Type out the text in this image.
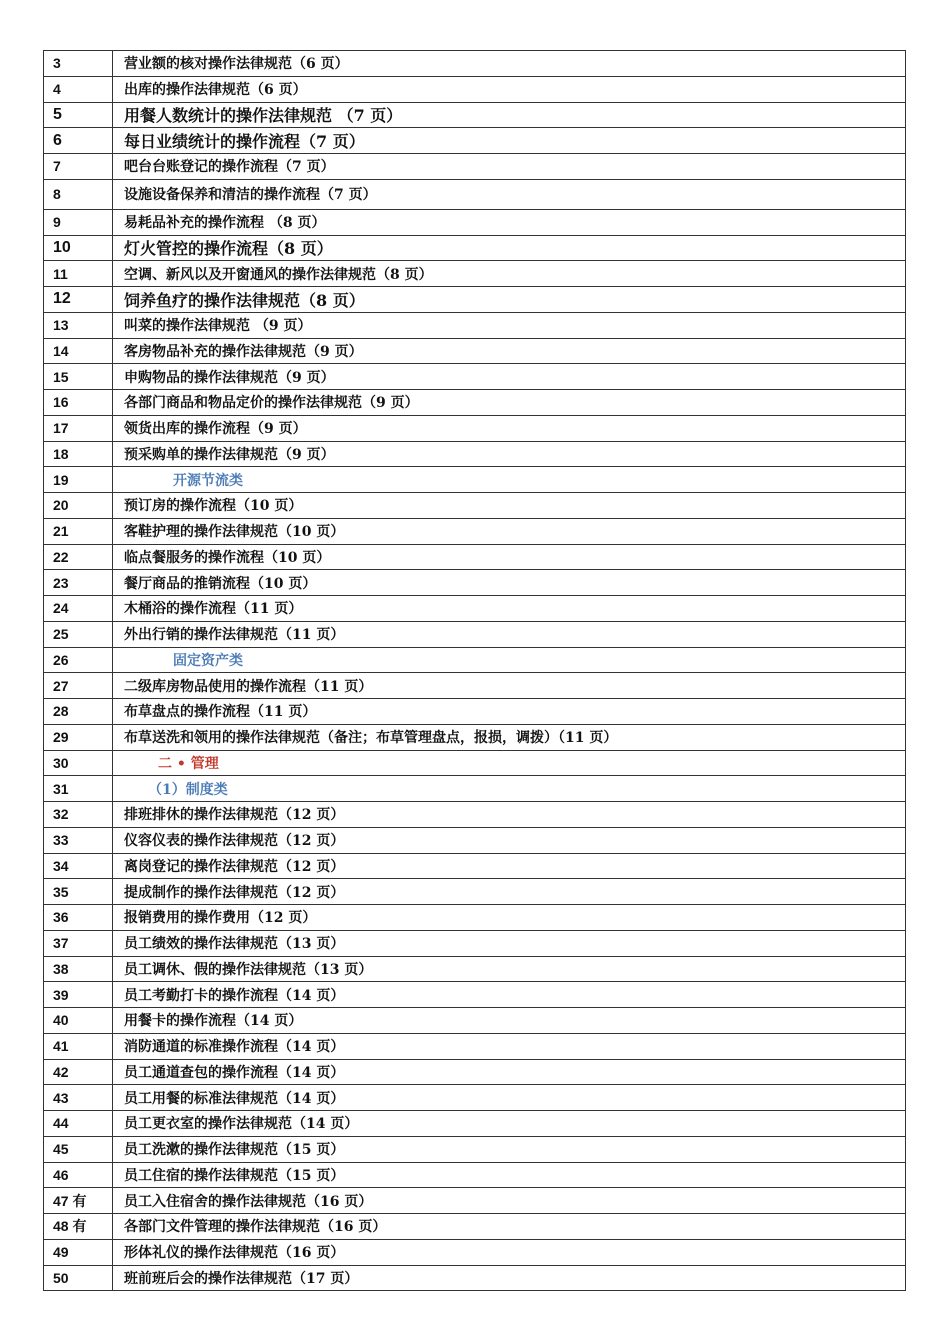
3	营业额的核对操作法律规范（6 页）
4	出库的操作法律规范（6 页）
5	用餐人数统计的操作法律规范 （7 页）
6	每日业绩统计的操作流程（7 页）
7	吧台台账登记的操作流程（7 页）
8	设施设备保养和清洁的操作流程（7 页）
9	易耗品补充的操作流程 （8 页）
10	灯火管控的操作流程（8 页）
11	空调、新风以及开窗通风的操作法律规范（8 页）
12	饲养鱼疗的操作法律规范（8 页）
13	叫菜的操作法律规范 （9 页）
14	客房物品补充的操作法律规范（9 页）
15	申购物品的操作法律规范（9 页）
16	各部门商品和物品定价的操作法律规范（9 页）
17	领货出库的操作流程（9 页）
18	预采购单的操作法律规范（9 页）
19	开源节流类
20	预订房的操作流程（10 页）
21	客鞋护理的操作法律规范（10 页）
22	临点餐服务的操作流程（10 页）
23	餐厅商品的推销流程（10 页）
24	木桶浴的操作流程（11 页）
25	外出行销的操作法律规范（11 页）
26	固定资产类
27	二级库房物品使用的操作流程（11 页）
28	布草盘点的操作流程（11 页）
29	布草送洗和领用的操作法律规范（备注；布草管理盘点，报损，调拨）（11 页）
30	二 • 管理
31	（1）制度类
32	排班排休的操作法律规范（12 页）
33	仪容仪表的操作法律规范（12 页）
34	离岗登记的操作法律规范（12 页）
35	提成制作的操作法律规范（12 页）
36	报销费用的操作费用（12 页）
37	员工绩效的操作法律规范（13 页）
38	员工调休、假的操作法律规范（13 页）
39	员工考勤打卡的操作流程（14 页）
40	用餐卡的操作流程（14 页）
41	消防通道的标准操作流程（14 页）
42	员工通道查包的操作流程（14 页）
43	员工用餐的标准法律规范（14 页）
44	员工更衣室的操作法律规范（14 页）
45	员工洗漱的操作法律规范（15 页）
46	员工住宿的操作法律规范（15 页）
47 有	员工入住宿舍的操作法律规范（16 页）
48 有	各部门文件管理的操作法律规范（16 页）
49	形体礼仪的操作法律规范（16 页）
50	班前班后会的操作法律规范（17 页）
